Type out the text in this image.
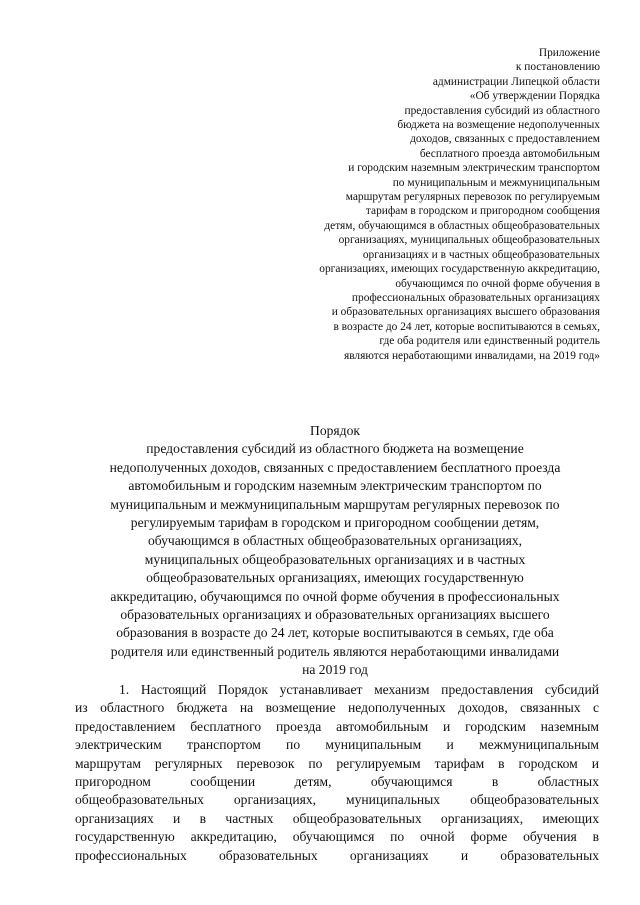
Приложение
к постановлению
администрации Липецкой области
«Об утверждении Порядка
предоставления субсидий из областного
бюджета на возмещение недополученных
доходов, связанных с предоставлением
бесплатного проезда автомобильным
и городским наземным электрическим транспортом
по муниципальным и межмуниципальным
маршрутам регулярных перевозок по регулируемым
тарифам в городском и пригородном сообщения
детям, обучающимся в областных общеобразовательных
организациях, муниципальных общеобразовательных
организациях и в частных общеобразовательных
организациях, имеющих государственную аккредитацию,
обучающимся по очной форме обучения в
профессиональных образовательных организациях
и образовательных организациях высшего образования
в возрасте до 24 лет, которые воспитываются в семьях,
где оба родителя или единственный родитель
являются неработающими инвалидами, на 2019 год»
Порядок
предоставления субсидий из областного бюджета на возмещение
недополученных доходов, связанных с предоставлением бесплатного проезда
автомобильным и городским наземным электрическим транспортом по
муниципальным и межмуниципальным маршрутам регулярных перевозок по
регулируемым тарифам в городском и пригородном сообщении детям,
обучающимся в областных общеобразовательных организациях,
муниципальных общеобразовательных организациях и в частных
общеобразовательных организациях, имеющих государственную
аккредитацию, обучающимся по очной форме обучения в профессиональных
образовательных организациях и образовательных организациях высшего
образования в возрасте до 24 лет, которые воспитываются в семьях, где оба
родителя или единственный родитель являются неработающими инвалидами
на 2019 год
1. Настоящий Порядок устанавливает механизм предоставления субсидий
из областного бюджета на возмещение недополученных доходов, связанных с
предоставлением бесплатного проезда автомобильным и городским наземным
электрическим транспортом по муниципальным и межмуниципальным
маршрутам регулярных перевозок по регулируемым тарифам в городском и
пригородном сообщении детям, обучающимся в областных
общеобразовательных организациях, муниципальных общеобразовательных
организациях и в частных общеобразовательных организациях, имеющих
государственную аккредитацию, обучающимся по очной форме обучения в
профессиональных образовательных организациях и образовательных
